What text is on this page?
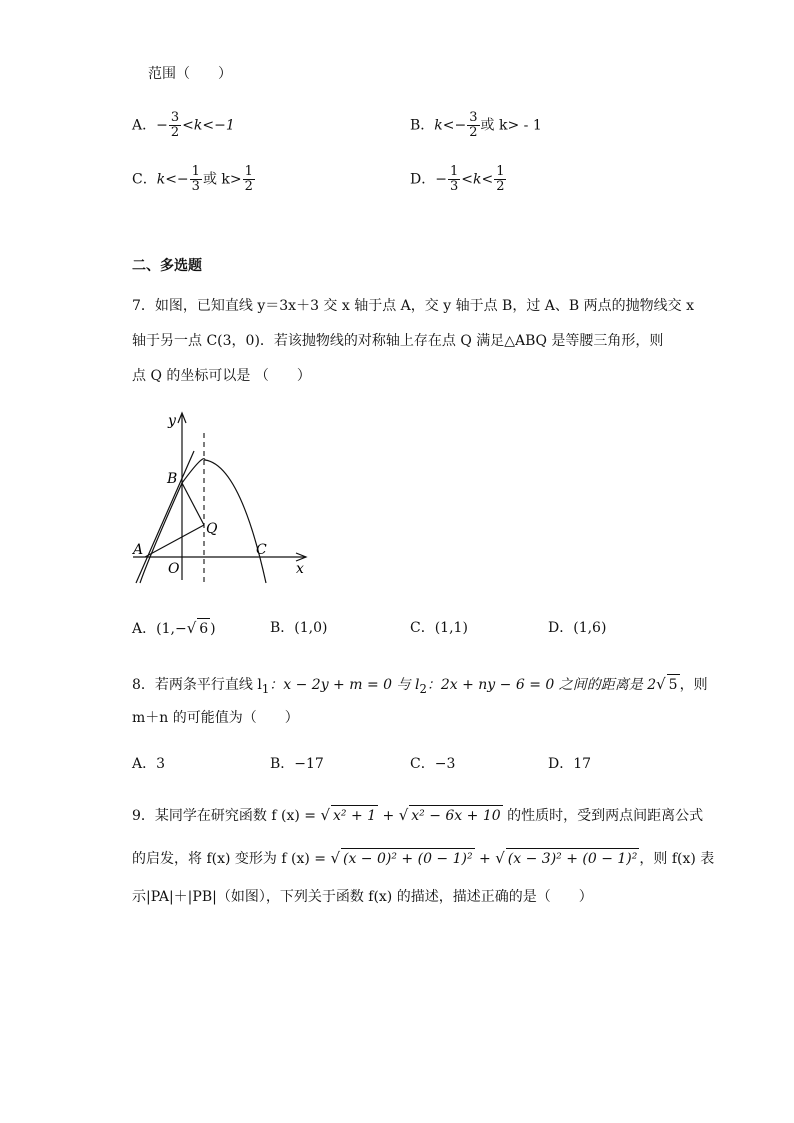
范围（　　）
A．− $\frac{3}{2} <k<-1$	B．$k<- \frac{3}{2}$ 或 k> - 1
C．$k<- \frac{1}{3}$ 或 $k> \frac{1}{2}$	D．− $\frac{1}{3} <k< \frac{1}{2}$
二、多选题
7．如图，已知直线 y＝3x＋3 交 x 轴于点 A，交 y 轴于点 B，过 A、B 两点的抛物线交 x
轴于另一点 C(3，0)．若该抛物线的对称轴上存在点 Q 满足△ABQ 是等腰三角形，则
点 Q 的坐标可以是 （　　）
y
x
B
Q
A
O
C
A．(1,−√ 6 )	B．(1,0)	C．(1,1)	D．(1,6)
8．若两条平行直线 $l_1$：x − 2y + m = 0 与 $l_2$：2x + ny − 6 = 0 之间的距离是 2√ 5 ，则
m＋n 的可能值为（　　）
A．3	B．−17	C．−3	D．17
9．某同学在研究函数 f (x) = √ x² + 1 + √ x² − 6x + 10 的性质时，受到两点间距离公式
的启发，将 f(x) 变形为 f (x) = √ (x − 0)² + (0 − 1)² + √ (x − 3)² + (0 − 1)² ，则 f(x) 表
示|PA|＋|PB|（如图），下列关于函数 f(x) 的描述，描述正确的是（　　）
